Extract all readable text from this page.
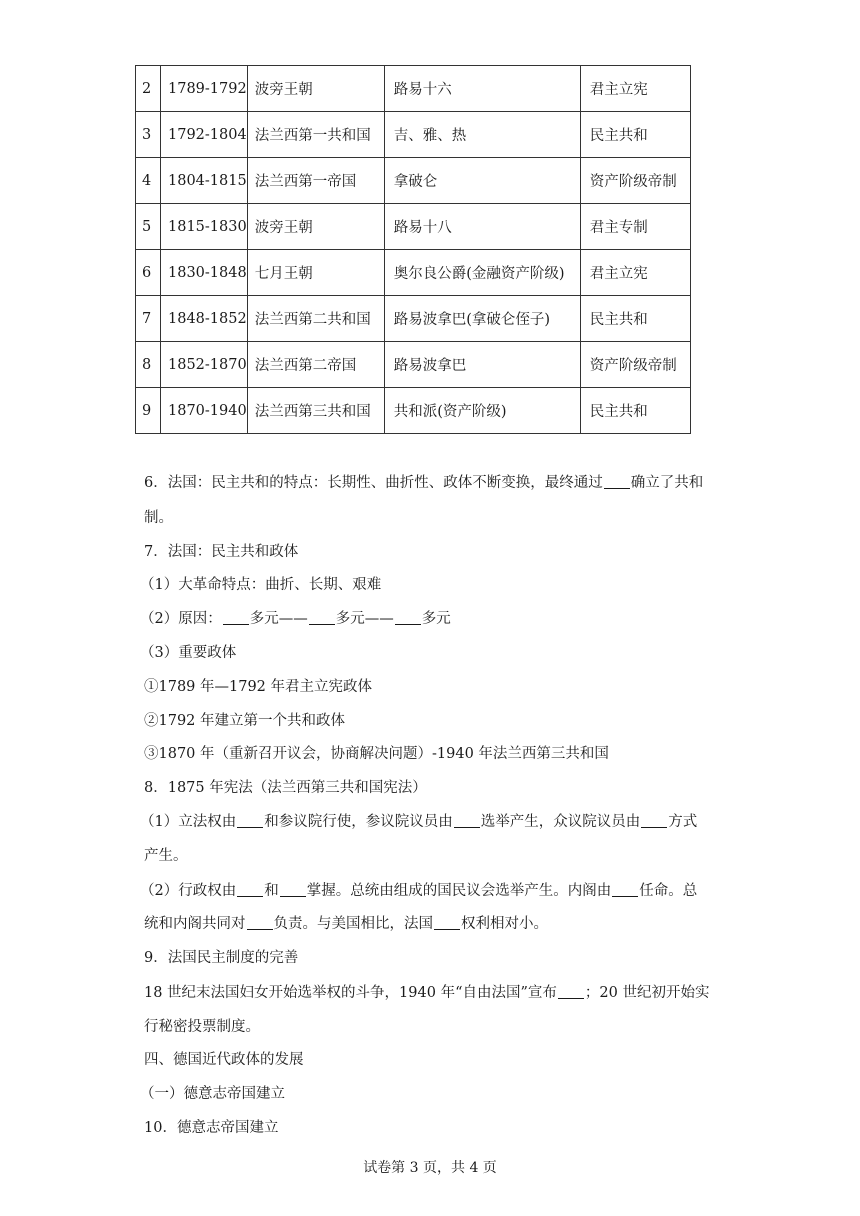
2	1789-1792	波旁王朝	路易十六	君主立宪
3	1792-1804	法兰西第一共和国	吉、雅、热	民主共和
4	1804-1815	法兰西第一帝国	拿破仑	资产阶级帝制
5	1815-1830	波旁王朝	路易十八	君主专制
6	1830-1848	七月王朝	奥尔良公爵(金融资产阶级)	君主立宪
7	1848-1852	法兰西第二共和国	路易波拿巴(拿破仑侄子)	民主共和
8	1852-1870	法兰西第二帝国	路易波拿巴	资产阶级帝制
9	1870-1940	法兰西第三共和国	共和派(资产阶级)	民主共和
6．法国：民主共和的特点：长期性、曲折性、政体不断变换，最终通过 确立了共和
制。
7．法国：民主共和政体
（1）大革命特点：曲折、长期、艰难
（2）原因： 多元—— 多元—— 多元
（3）重要政体
①1789 年—1792 年君主立宪政体
②1792 年建立第一个共和政体
③1870 年（重新召开议会，协商解决问题）-1940 年法兰西第三共和国
8．1875 年宪法（法兰西第三共和国宪法）
（1）立法权由 和参议院行使，参议院议员由 选举产生，众议院议员由 方式
产生。
（2）行政权由 和 掌握。总统由组成的国民议会选举产生。内阁由 任命。总
统和内阁共同对 负责。与美国相比，法国 权利相对小。
9．法国民主制度的完善
18 世纪末法国妇女开始选举权的斗争，1940 年“自由法国”宣布 ；20 世纪初开始实
行秘密投票制度。
四、德国近代政体的发展
（一）德意志帝国建立
10．德意志帝国建立
试卷第 3 页，共 4 页
